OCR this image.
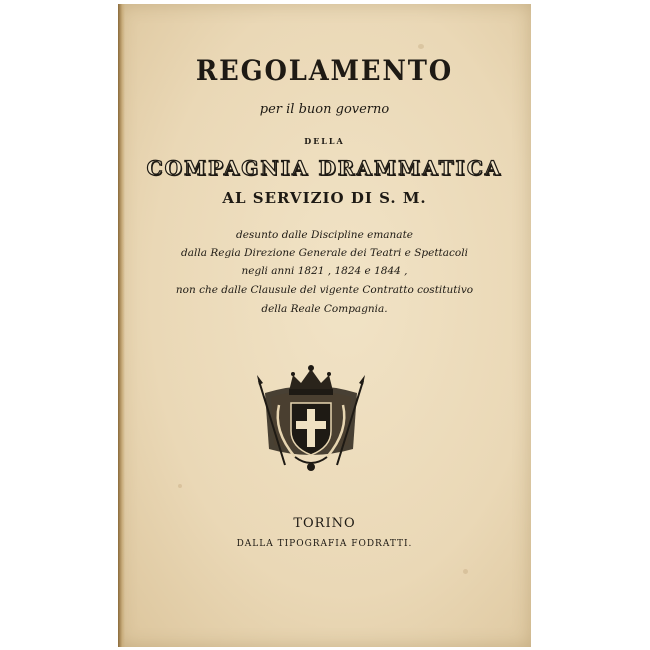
REGOLAMENTO
per il buon governo
DELLA
COMPAGNIA DRAMMATICA
AL SERVIZIO DI S. M.
desunto dalle Discipline emanate
dalla Regia Direzione Generale dei Teatri e Spettacoli
negli anni 1821 , 1824 e 1844 ,
non che dalle Clausule del vigente Contratto costitutivo
della Reale Compagnia.
TORINO
DALLA TIPOGRAFIA FODRATTI.
